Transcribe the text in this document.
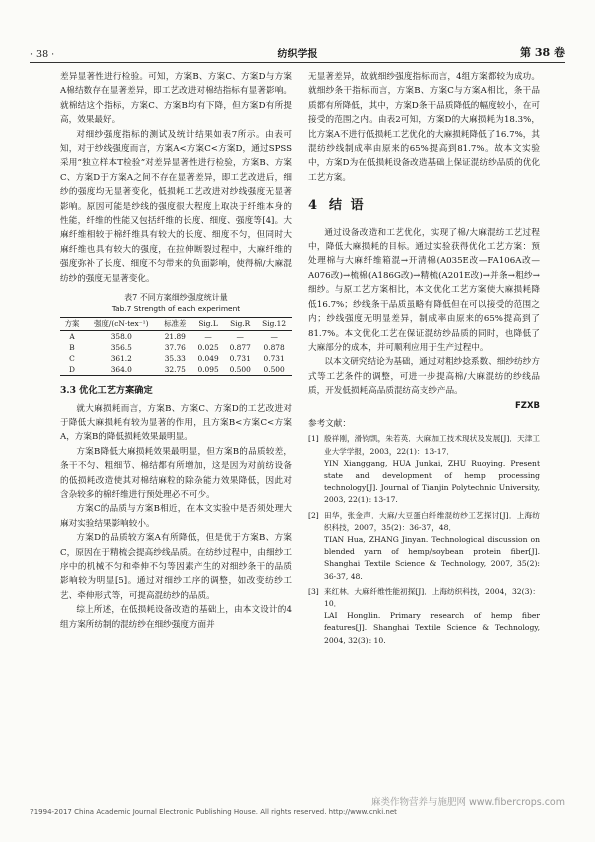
· 38 ·	纺织学报	第 38 卷

差异显著性进行检验。可知，方案B、方案C、方案D与方案A棉结数存在显著差异，即工艺改进对棉结指标有显著影响。就棉结这个指标，方案C、方案B均有下降，但方案D有所提高，效果最好。

对细纱强度指标的测试及统计结果如表7所示。由表可知，对于纱线强度而言，方案A<方案C<方案D，通过SPSS采用“独立样本T检验”对差异显著性进行检验，方案B、方案C、方案D于方案A之间不存在显著差异，即工艺改进后，细纱的强度均无显著变化，低损耗工艺改进对纱线强度无显著影响。原因可能是纱线的强度很大程度上取决于纤维本身的性能，纤维的性能又包括纤维的长度、细度、强度等[4]。大麻纤维相较于棉纤维具有较大的长度、细度不匀，但同时大麻纤维也具有较大的强度，在拉伸断裂过程中，大麻纤维的强度弥补了长度、细度不匀带来的负面影响，使得棉/大麻混纺纱的强度无显著变化。

表7 不同方案细纱强度统计量
Tab.7 Strength of each experiment
方案	强度/(cN·tex⁻¹)	标准差	Sig.L	Sig.R	Sig.12

A	358.0	21.89	—	—	—
B	356.5	37.76	0.025	0.877	0.878
C	361.2	35.33	0.049	0.731	0.731
D	364.0	32.75	0.095	0.500	0.500
3.3 优化工艺方案确定

就大麻损耗而言，方案B、方案C、方案D的工艺改进对于降低大麻损耗有较为显著的作用，且方案B<方案C<方案A，方案B的降低损耗效果最明显。

方案B降低大麻损耗效果最明显，但方案B的品质较差，条干不匀、粗细节、棉结都有所增加，这是因为对前纺设备的低损耗改造使其对棉结麻粒的除杂能力效果降低，因此对含杂较多的棉纤维进行预处理必不可少。

方案C的品质与方案B相近，在本文实验中是否须处理大麻对实验结果影响较小。

方案D的品质较方案A有所降低，但是优于方案B、方案C，原因在于精梳会提高纱线品质。在纺纱过程中，由细纱工序中的机械不匀和牵伸不匀等因素产生的对细纱条干的品质影响较为明显[5]。通过对细纱工序的调整，如改变纺纱工艺、牵伸形式等，可提高混纺纱的品质。

综上所述，在低损耗设备改造的基础上，由本文设计的4组方案所纺制的混纺纱在细纱强度方面并

无显著差异，故就细纱强度指标而言，4组方案都较为成功。就细纱条干指标而言，方案B、方案C与方案A相比，条干品质都有所降低，其中，方案D条干品质降低的幅度较小，在可接受的范围之内。由表2可知，方案D的大麻损耗为18.3%，比方案A不进行低损耗工艺优化的大麻损耗降低了16.7%，其混纺纱线制成率由原来的65%提高到81.7%。故本文实验中，方案D为在低损耗设备改造基础上保证混纺纱品质的优化工艺方案。

4 结 语

通过设备改造和工艺优化，实现了棉/大麻混纺工艺过程中，降低大麻损耗的目标。通过实验获得优化工艺方案：预处理棉与大麻纤维箱混→开清棉(A035E改—FA106A改—A076改)→梳棉(A186G改)→精梳(A201E改)→并条→粗纱→细纱。与原工艺方案相比，本文优化工艺方案使大麻损耗降低16.7%；纱线条干品质虽略有降低但在可以接受的范围之内；纱线强度无明显差异，制成率由原来的65%提高到了81.7%。本文优化工艺在保证混纺纱品质的同时，也降低了大麻部分的成本，并可顺利应用于生产过程中。

以本文研究结论为基础，通过对粗纱捻系数、细纱纺纱方式等工艺条件的调整，可进一步提高棉/大麻混纺的纱线品质，开发低损耗高品质混纺高支纱产品。

FZXB
参考文献：
[1] 殷祥刚，滑钧凯，朱若英．大麻加工技术现状及发展[J]．天津工业大学学报，2003，22(1)：13-17．
YIN Xianggang, HUA Junkai, ZHU Ruoying. Present state and development of hemp processing technology[J]. Journal of Tianjin Polytechnic University, 2003, 22(1): 13-17.
[2] 田华，张金声．大麻/大豆蛋白纤维混纺纱工艺探讨[J]．上海纺织科技，2007，35(2)：36-37，48．
TIAN Hua, ZHANG Jinyan. Technological discussion on blended yarn of hemp/soybean protein fiber[J]. Shanghai Textile Science & Technology, 2007, 35(2): 36-37, 48.
[3] 来红林．大麻纤维性能初探[J]．上海纺织科技，2004，32(3)：10．
LAI Honglin. Primary research of hemp fiber features[J]. Shanghai Textile Science & Technology, 2004, 32(3): 10.
麻类作物营养与施肥网 www.fibercrops.com
?1994-2017 China Academic Journal Electronic Publishing House. All rights reserved. http://www.cnki.net
